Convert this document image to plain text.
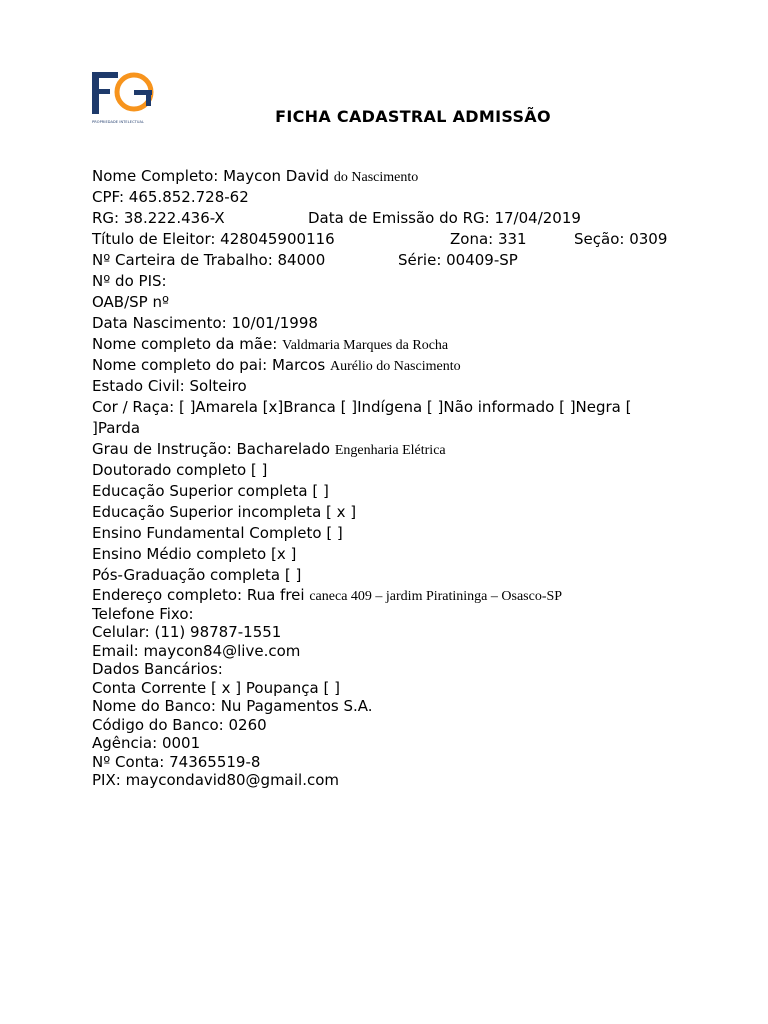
PROPRIEDADE INTELECTUAL	FICHA CADASTRAL ADMISSÃO
Nome Completo: Maycon David do Nascimento
CPF: 465.852.728-62
RG: 38.222.436-X	Data de Emissão do RG: 17/04/2019
Título de Eleitor: 428045900116	Zona: 331	Seção: 0309
Nº Carteira de Trabalho: 84000	Série: 00409-SP
Nº do PIS:
OAB/SP nº
Data Nascimento: 10/01/1998
Nome completo da mãe: Valdmaria Marques da Rocha
Nome completo do pai: Marcos Aurélio do Nascimento
Estado Civil: Solteiro
Cor / Raça: [ ]Amarela [x]Branca [ ]Indígena [ ]Não informado [ ]Negra [ ]Parda
Grau de Instrução: Bacharelado Engenharia Elétrica
Doutorado completo [ ]
Educação Superior completa [ ]
Educação Superior incompleta [ x ]
Ensino Fundamental Completo [ ]
Ensino Médio completo [x ]
Pós-Graduação completa [ ]
Endereço completo: Rua frei caneca 409 – jardim Piratininga – Osasco-SP
Telefone Fixo:
Celular: (11) 98787-1551
Email: maycon84@live.com
Dados Bancários:
Conta Corrente [ x ] Poupança [ ]
Nome do Banco: Nu Pagamentos S.A.
Código do Banco: 0260
Agência: 0001
Nº Conta: 74365519-8
PIX: maycondavid80@gmail.com
